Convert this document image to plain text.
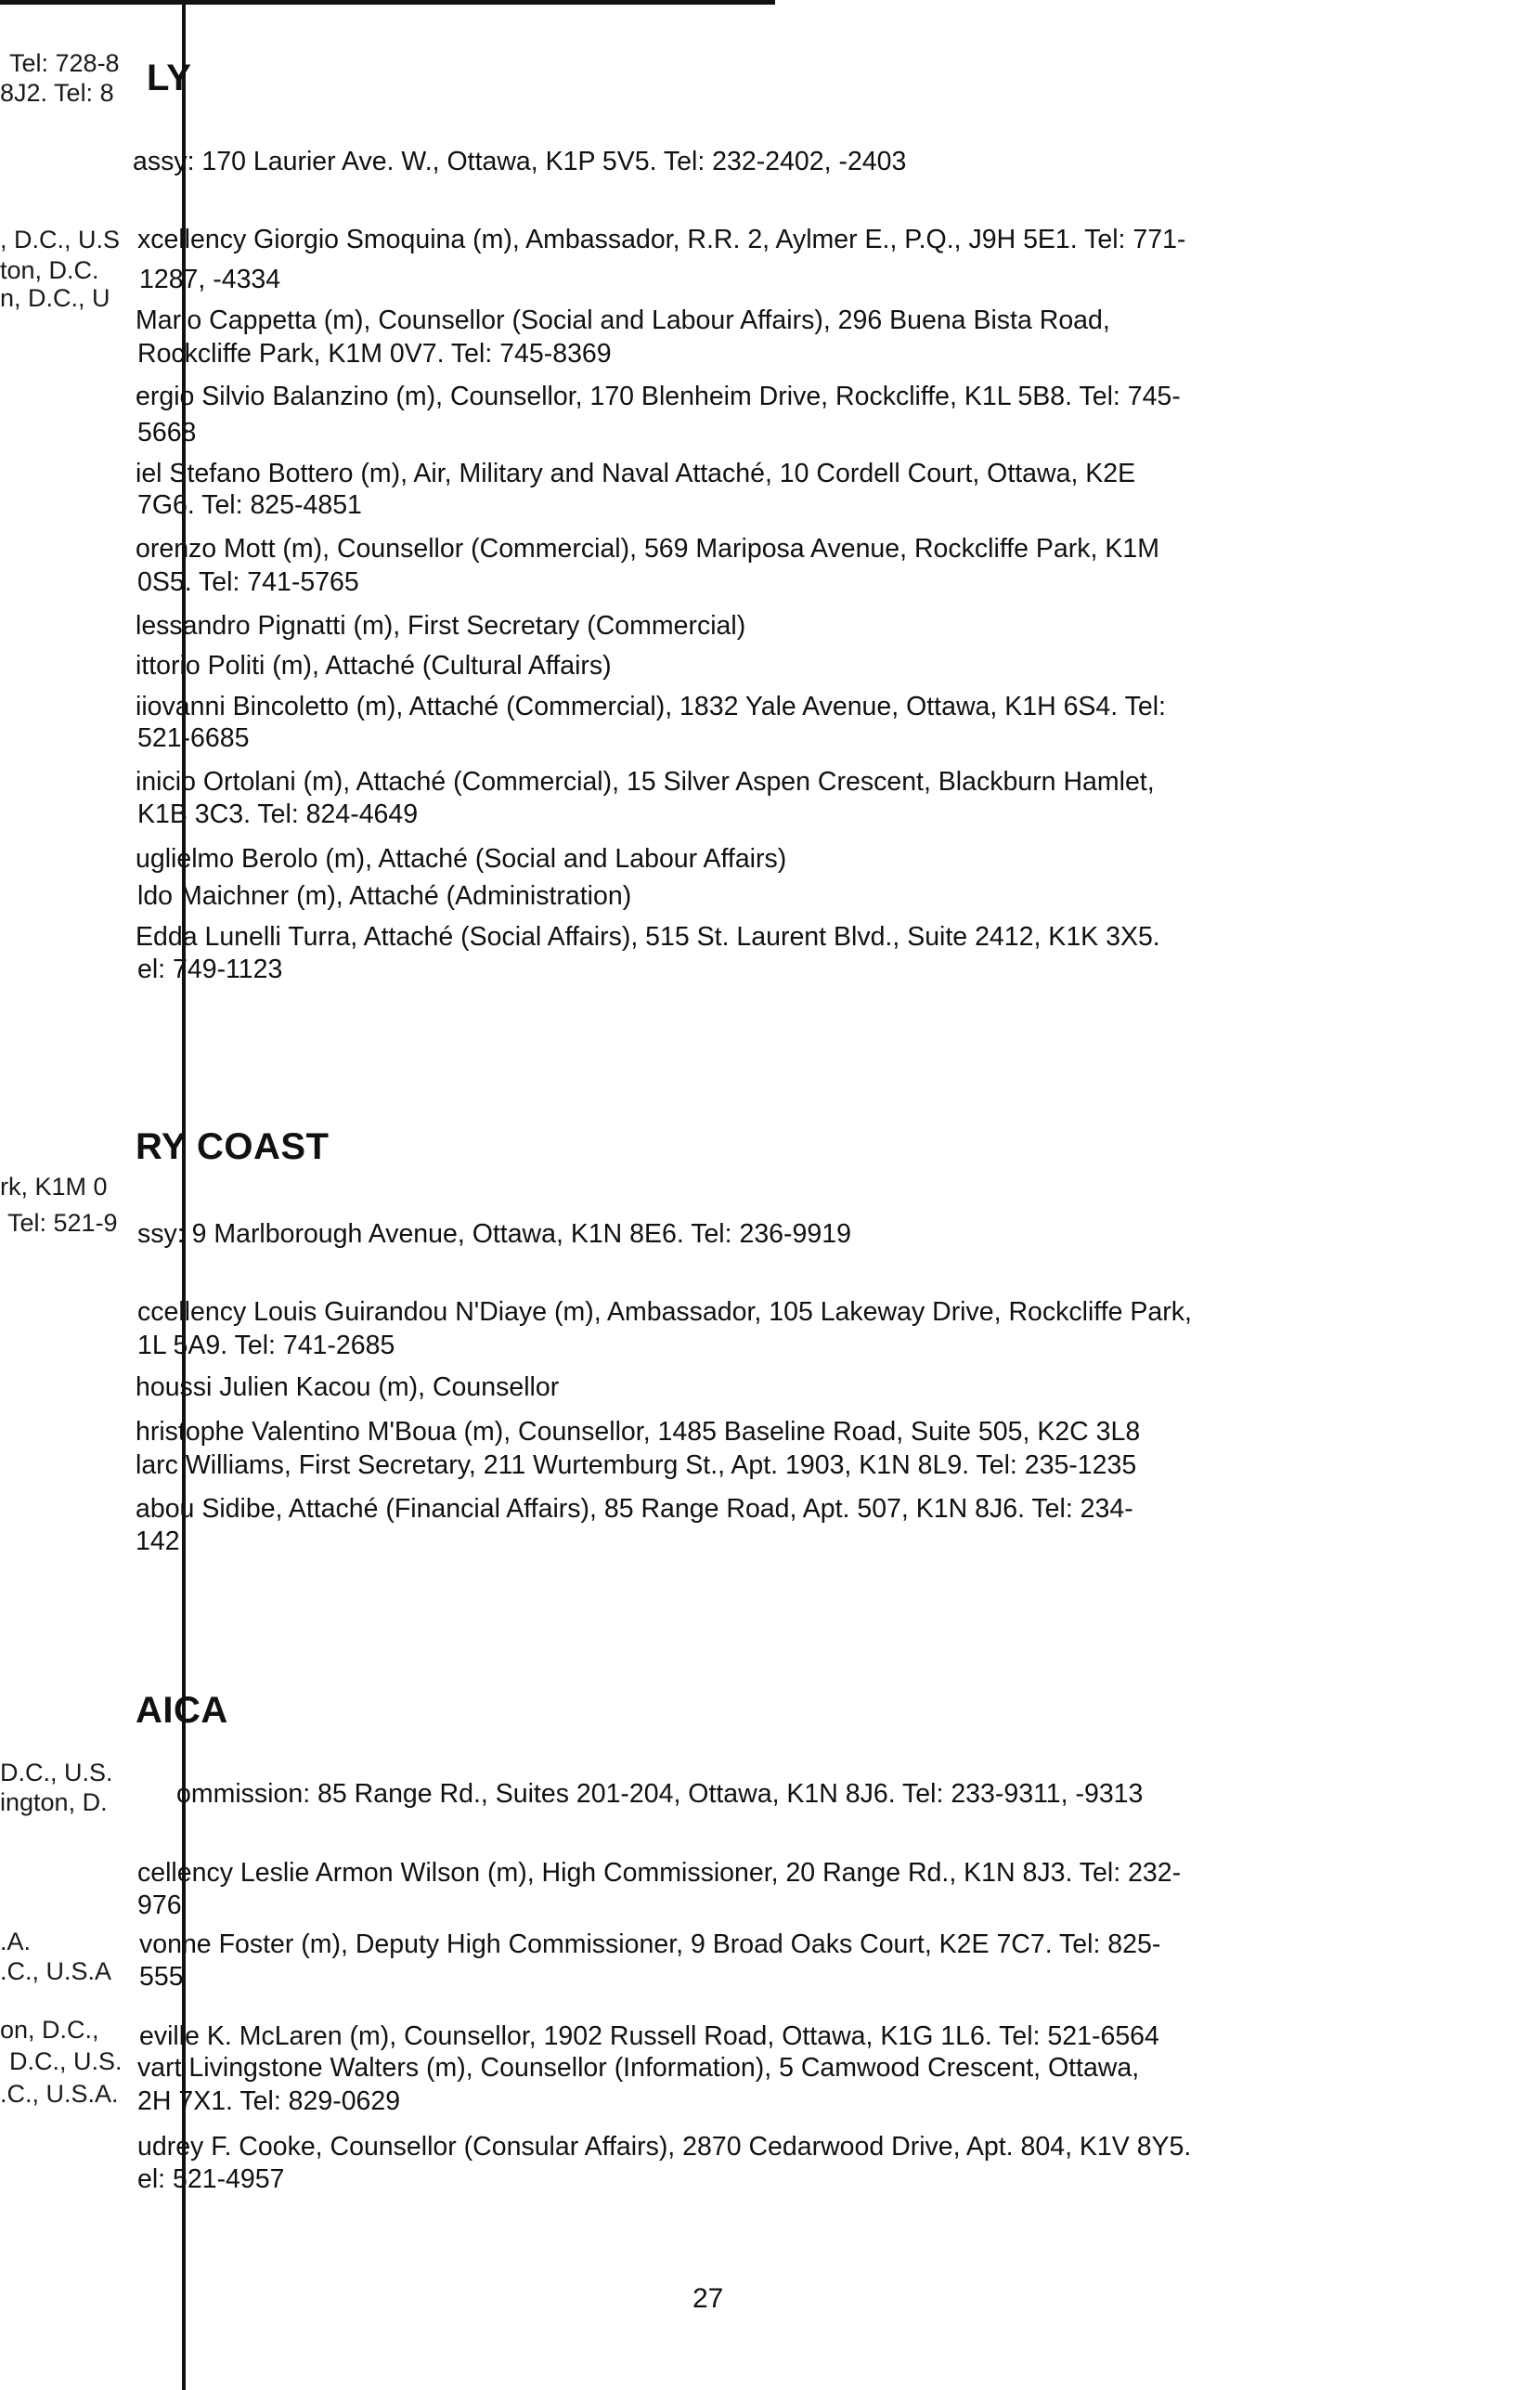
Tel: 728-8
8J2. Tel: 8
, D.C., U.S
ton, D.C.
n, D.C., U
rk, K1M 0
Tel: 521-9
D.C., U.S.
ington, D.
.A.
.C., U.S.A
on, D.C.,
D.C., U.S.
.C., U.S.A.
LY
assy: 170 Laurier Ave. W., Ottawa, K1P 5V5. Tel: 232-2402, -2403
xcellency Giorgio Smoquina (m), Ambassador, R.R. 2, Aylmer E., P.Q., J9H 5E1. Tel: 771-
1287, -4334
Mario Cappetta (m), Counsellor (Social and Labour Affairs), 296 Buena Bista Road,
Rockcliffe Park, K1M 0V7. Tel: 745-8369
ergio Silvio Balanzino (m), Counsellor, 170 Blenheim Drive, Rockcliffe, K1L 5B8. Tel: 745-
5668
iel Stefano Bottero (m), Air, Military and Naval Attaché, 10 Cordell Court, Ottawa, K2E
7G6. Tel: 825-4851
orenzo Mott (m), Counsellor (Commercial), 569 Mariposa Avenue, Rockcliffe Park, K1M
0S5. Tel: 741-5765
lessandro Pignatti (m), First Secretary (Commercial)
ittorio Politi (m), Attaché (Cultural Affairs)
iiovanni Bincoletto (m), Attaché (Commercial), 1832 Yale Avenue, Ottawa, K1H 6S4. Tel:
521-6685
inicio Ortolani (m), Attaché (Commercial), 15 Silver Aspen Crescent, Blackburn Hamlet,
K1B 3C3. Tel: 824-4649
uglielmo Berolo (m), Attaché (Social and Labour Affairs)
ldo Maichner (m), Attaché (Administration)
Edda Lunelli Turra, Attaché (Social Affairs), 515 St. Laurent Blvd., Suite 2412, K1K 3X5.
el: 749-1123
RY COAST
ssy: 9 Marlborough Avenue, Ottawa, K1N 8E6. Tel: 236-9919
ccellency Louis Guirandou N'Diaye (m), Ambassador, 105 Lakeway Drive, Rockcliffe Park,
1L 5A9. Tel: 741-2685
houssi Julien Kacou (m), Counsellor
hristophe Valentino M'Boua (m), Counsellor, 1485 Baseline Road, Suite 505, K2C 3L8
larc Williams, First Secretary, 211 Wurtemburg St., Apt. 1903, K1N 8L9. Tel: 235-1235
abou Sidibe, Attaché (Financial Affairs), 85 Range Road, Apt. 507, K1N 8J6. Tel: 234-
142
AICA
ommission: 85 Range Rd., Suites 201-204, Ottawa, K1N 8J6. Tel: 233-9311, -9313
cellency Leslie Armon Wilson (m), High Commissioner, 20 Range Rd., K1N 8J3. Tel: 232-
976
vonne Foster (m), Deputy High Commissioner, 9 Broad Oaks Court, K2E 7C7. Tel: 825-
555
eville K. McLaren (m), Counsellor, 1902 Russell Road, Ottawa, K1G 1L6. Tel: 521-6564
vart Livingstone Walters (m), Counsellor (Information), 5 Camwood Crescent, Ottawa,
2H 7X1. Tel: 829-0629
udrey F. Cooke, Counsellor (Consular Affairs), 2870 Cedarwood Drive, Apt. 804, K1V 8Y5.
el: 521-4957
27
